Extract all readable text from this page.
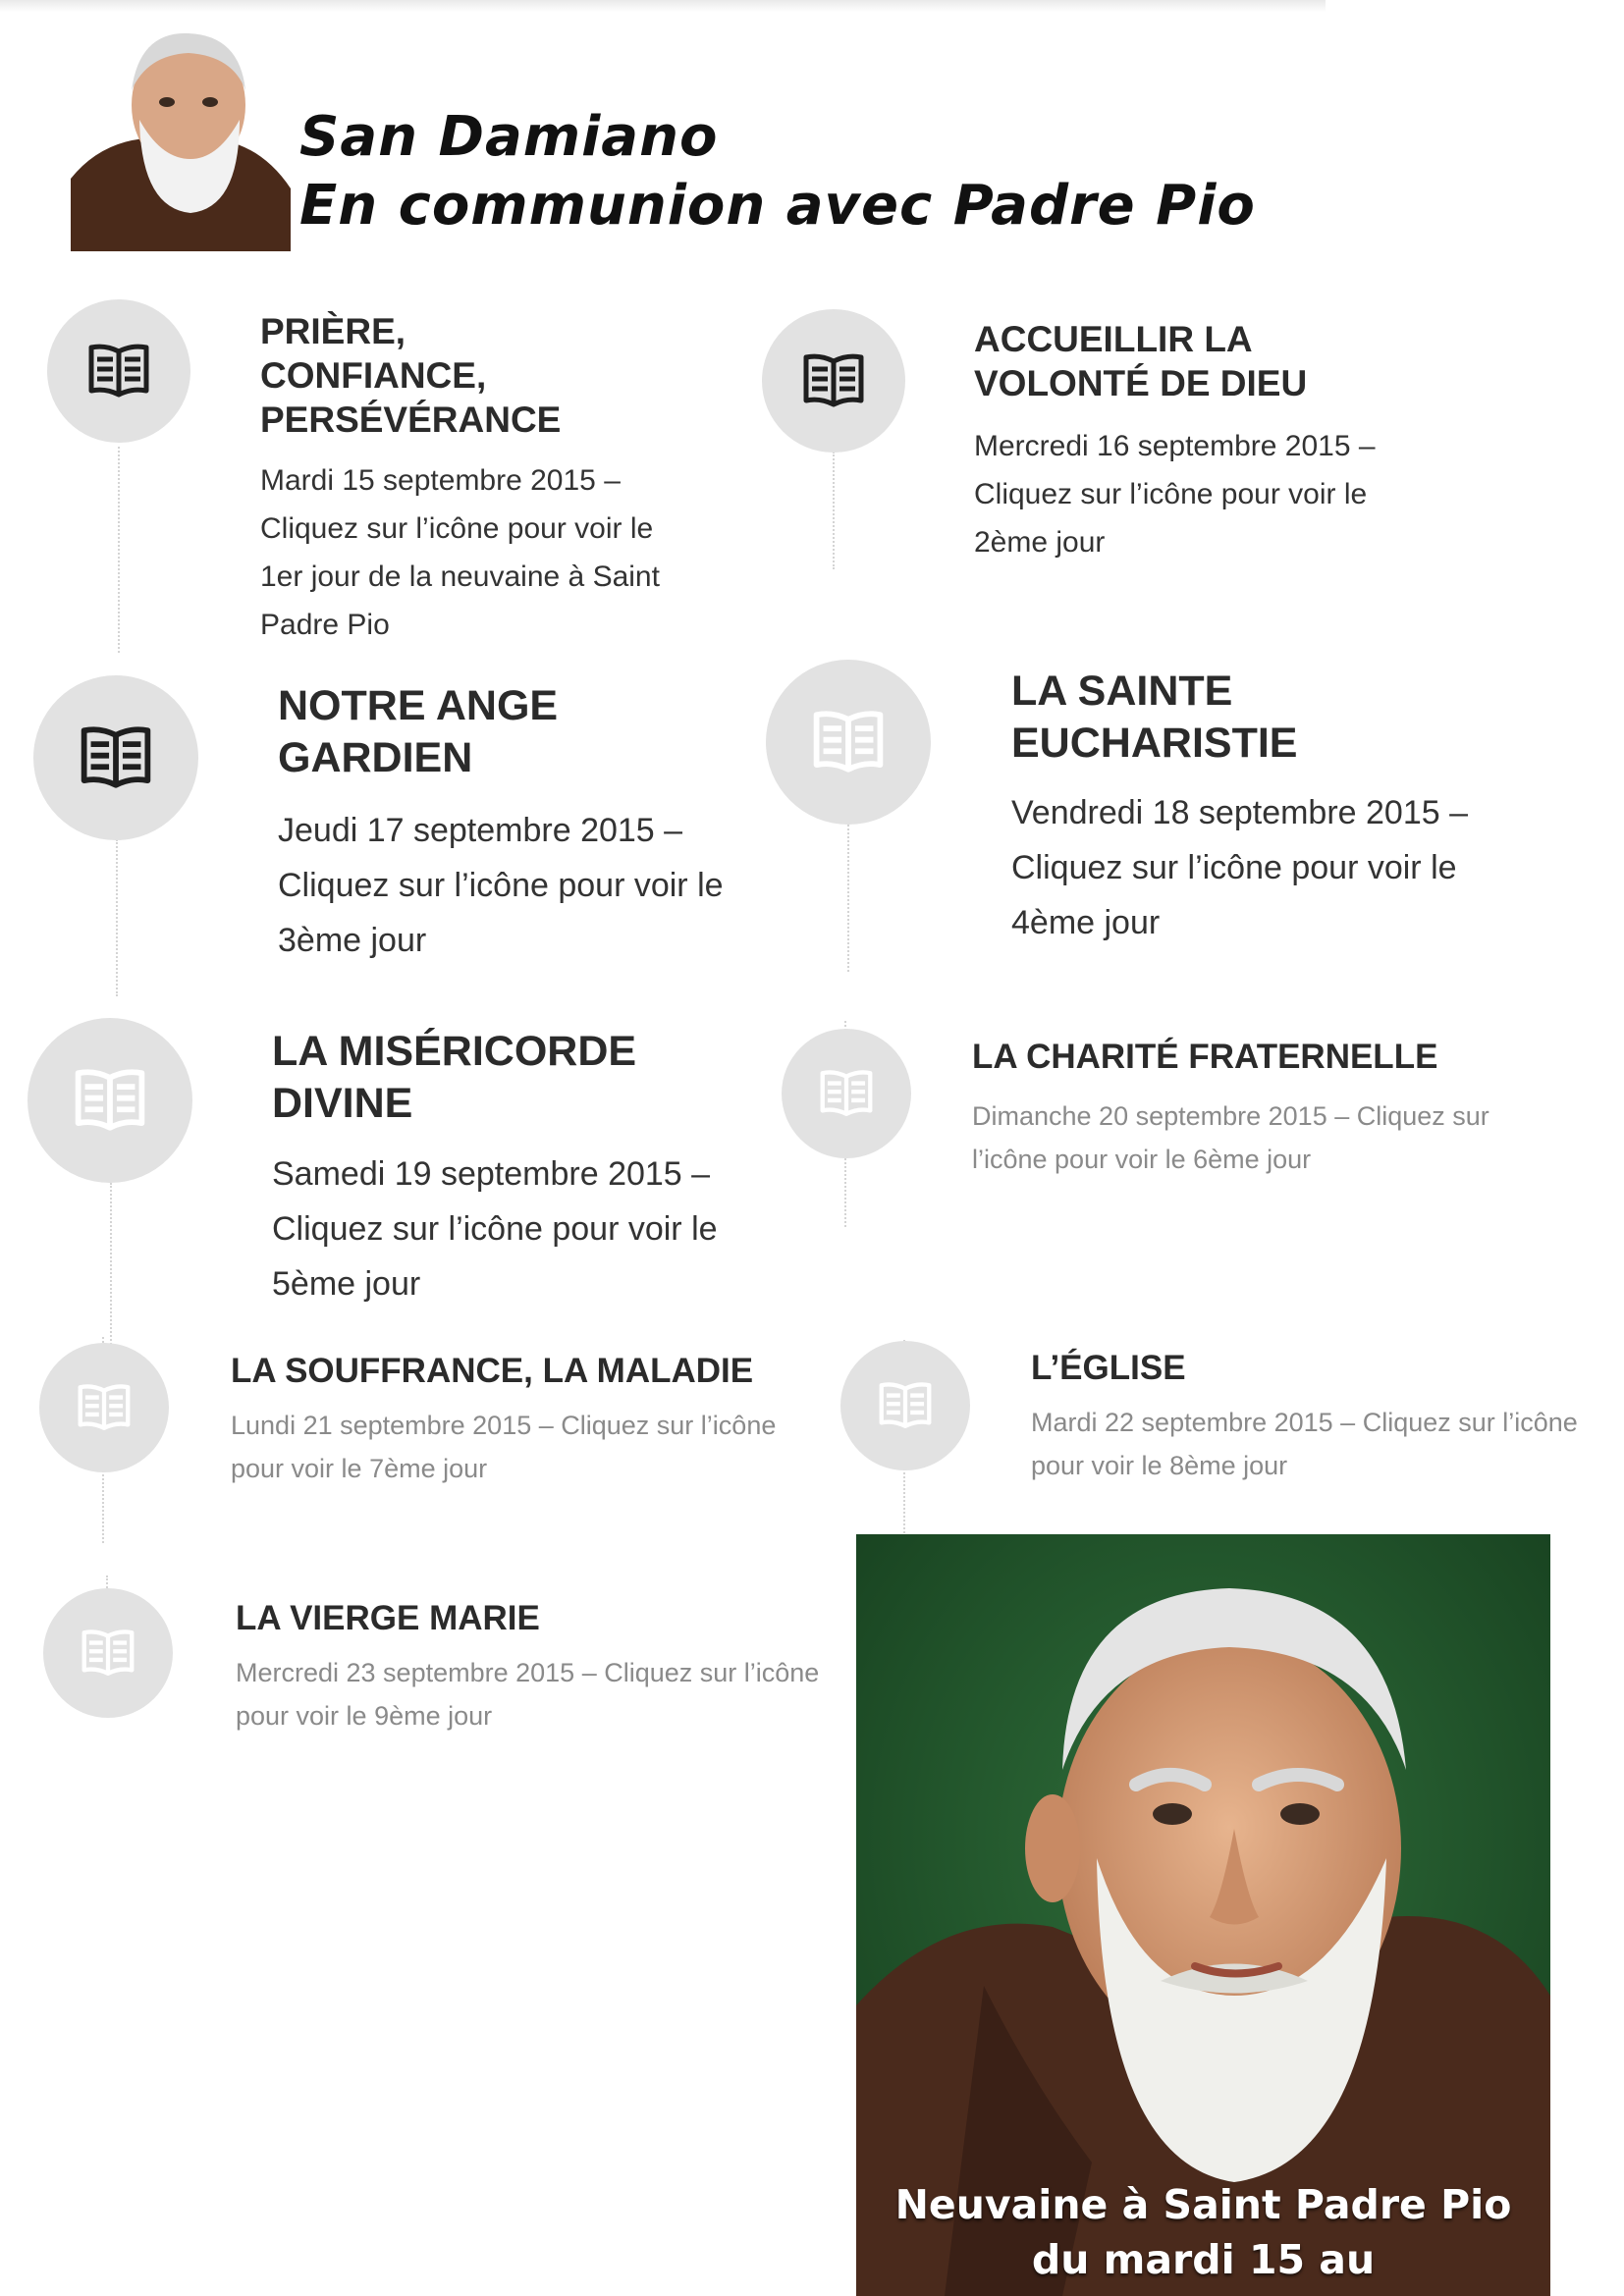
San Damiano
En communion avec Padre Pio
PRIÈRE,
CONFIANCE,
PERSÉVÉRANCE
Mardi 15 septembre 2015 – Cliquez sur l’icône pour voir le 1er jour de la neuvaine à Saint Padre Pio
ACCUEILLIR LA
VOLONTÉ DE DIEU
Mercredi 16 septembre 2015 – Cliquez sur l’icône pour voir le 2ème jour
NOTRE ANGE
GARDIEN
Jeudi 17 septembre 2015 – Cliquez sur l’icône pour voir le 3ème jour
LA SAINTE
EUCHARISTIE
Vendredi 18 septembre 2015 – Cliquez sur l’icône pour voir le 4ème jour
LA MISÉRICORDE
DIVINE
Samedi 19 septembre 2015 – Cliquez sur l’icône pour voir le 5ème jour
LA CHARITÉ FRATERNELLE
Dimanche 20 septembre 2015 – Cliquez sur l’icône pour voir le 6ème jour
LA SOUFFRANCE, LA MALADIE
Lundi 21 septembre 2015 – Cliquez sur l’icône pour voir le 7ème jour
L’ÉGLISE
Mardi 22 septembre 2015 – Cliquez sur l’icône pour voir le 8ème jour
LA VIERGE MARIE
Mercredi 23 septembre 2015 – Cliquez sur l’icône pour voir le 9ème jour
Neuvaine à Saint Padre Pio
du mardi 15 au
